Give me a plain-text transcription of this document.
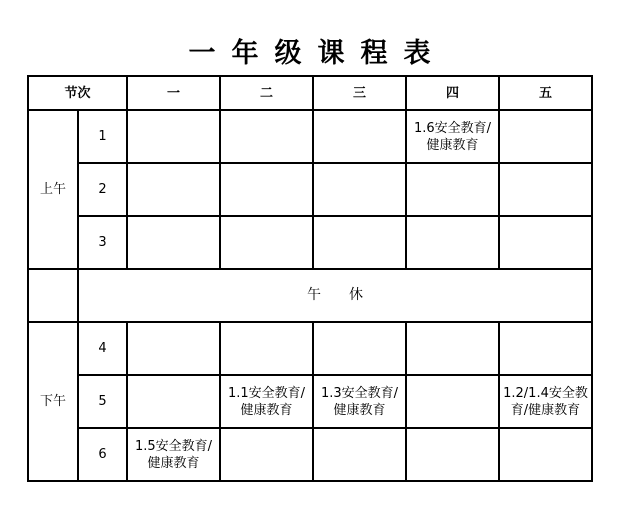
一年级课程表
节次		一	二	三	四	五
上午	1				1.6安全教育/健康教育	

	2	

	3	

	午休					
下午	4	

	5		1.1安全教育/健康教育	1.3安全教育/健康教育		1.2/1.4安全教育/健康教育

	6	1.5安全教育/健康教育				
